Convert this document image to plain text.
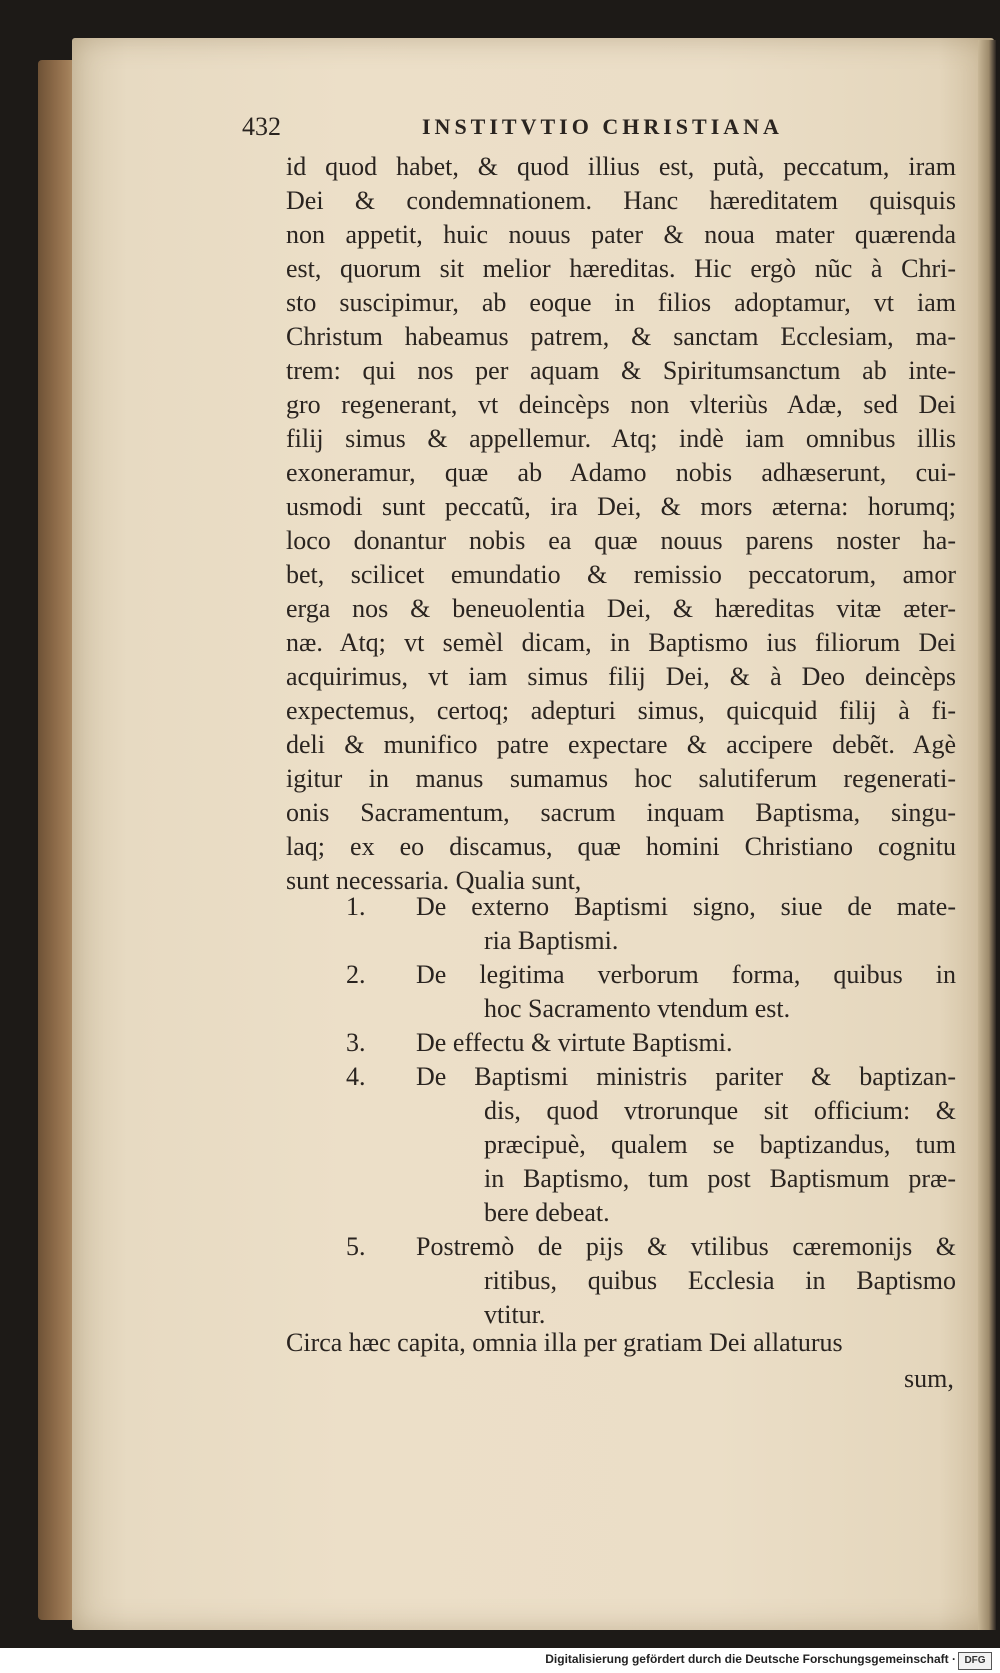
432	INSTITVTIO CHRISTIANA
id quod habet, & quod illius est, putà, peccatum, iram
Dei & condemnationem. Hanc hæreditatem quisquis
non appetit, huic nouus pater & noua mater quærenda
est, quorum sit melior hæreditas. Hic ergò nũc à Chri-
sto suscipimur, ab eoque in filios adoptamur, vt iam
Christum habeamus patrem, & sanctam Ecclesiam, ma-
trem: qui nos per aquam & Spiritumsanctum ab inte-
gro regenerant, vt deincèps non vlteriùs Adæ, sed Dei
filij simus & appellemur. Atq; indè iam omnibus illis
exoneramur, quæ ab Adamo nobis adhæserunt, cui-
usmodi sunt peccatũ, ira Dei, & mors æterna: horumq;
loco donantur nobis ea quæ nouus parens noster ha-
bet, scilicet emundatio & remissio peccatorum, amor
erga nos & beneuolentia Dei, & hæreditas vitæ æter-
næ. Atq; vt semèl dicam, in Baptismo ius filiorum Dei
acquirimus, vt iam simus filij Dei, & à Deo deincèps
expectemus, certoq; adepturi simus, quicquid filij à fi-
deli & munifico patre expectare & accipere debẽt. Agè
igitur in manus sumamus hoc salutiferum regenerati-
onis Sacramentum, sacrum inquam Baptisma, singu-
laq; ex eo discamus, quæ homini Christiano cognitu
sunt necessaria. Qualia sunt,
1.	De externo Baptismi signo, siue de mate-
ria Baptismi.
2.	De legitima verborum forma, quibus in
hoc Sacramento vtendum est.
3.	De effectu & virtute Baptismi.
4.	De Baptismi ministris pariter & baptizan-
dis, quod vtrorunque sit officium: &
præcipuè, qualem se baptizandus, tum
in Baptismo, tum post Baptismum præ-
bere debeat.
5.	Postremò de pijs & vtilibus cæremonijs &
ritibus, quibus Ecclesia in Baptismo
vtitur.
Circa hæc capita, omnia illa per gratiam Dei allaturus
sum,
Digitalisierung gefördert durch die Deutsche Forschungsgemeinschaft · DFG
